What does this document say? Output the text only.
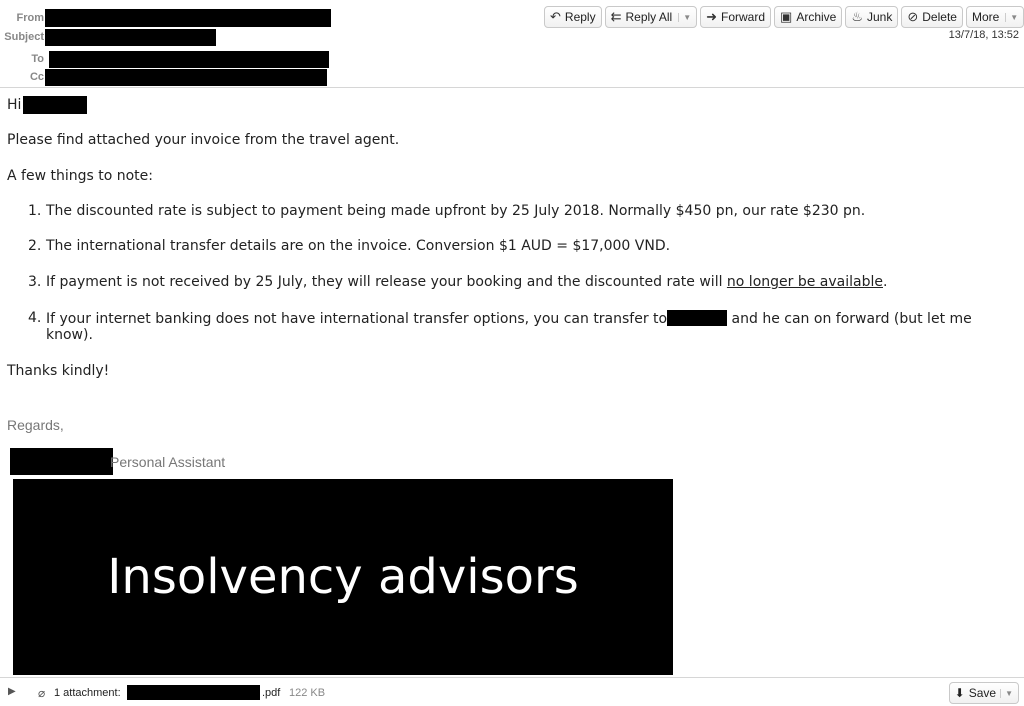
From
Subject
To
Cc
↶ Reply ⇇ Reply All	▼ ➜ Forward ▣ Archive ♨ Junk ⊘ Delete More	▼
13/7/18, 13:52
Hi
Please find attached your invoice from the travel agent.
A few things to note:
1. The discounted rate is subject to payment being made upfront by 25 July 2018. Normally $450 pn, our rate $230 pn.
2. The international transfer details are on the invoice. Conversion $1 AUD = $17,000 VND.
3. If payment is not received by 25 July, they will release your booking and the discounted rate will no longer be available.
4. If your internet banking does not have international transfer options, you can transfer to	and he can on forward (but let me know).
Thanks kindly!
Regards,
Personal Assistant
Insolvency advisors
▶ ⌀ 1 attachment:	.pdf 122 KB	⬇ Save	▼
